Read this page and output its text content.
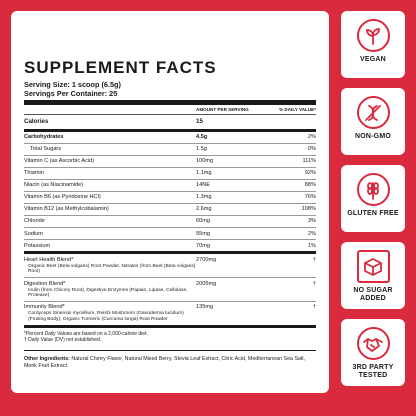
SUPPLEMENT FACTS
Serving Size: 1 scoop (6.5g)
Servings Per Container: 25
AMOUNT PER SERVING	% DAILY VALUE*
Calories	15
Carbohydrates	4.5g	2%
Total Sugars	1.5g	0%
Vitamin C (as Ascorbic Acid)	100mg	111%
Thiamin	1.1mg	92%
Niacin (as Niacinamide)	14NE	88%
Vitamin B6 (as Pyridoxine HCl)	1.3mg	76%
Vitamin B12 (as Methylcobalamin)	2.6mg	108%
Chloride	60mg	3%
Sodium	55mg	2%
Potassium	70mg	1%
Heart Health Blend*
Organic Beet (Beta vulgaris) Root Powder, Nitrates (from Beet (Beta vulgaris) Root)
2700mg	†
Digestion Blend*
Inulin (from Chicory Root), Digestive Enzymes (Papain, Lipase, Cellulase, Protease)
2005mg	†
Immunity Blend*
Cordyceps Sinensis mycellium, Reishi Mushroom (Ganoderma lucidum) (Fruiting Body), Organic Turmeric (Curcuma longa) Root Powder
135mg	†
*Percent Daily Values are based on a 2,000-calorie diet.
† Daily Value (DV) not established.
Other Ingredients: Natural Cherry Flavor, Natural Mixed Berry, Stevia Leaf Extract, Citric Acid, Mediterranean Sea Salt, Monk Fruit Extract.
VEGAN
NON-GMO
GLUTEN FREE
NO SUGAR ADDED
3RD PARTY TESTED
